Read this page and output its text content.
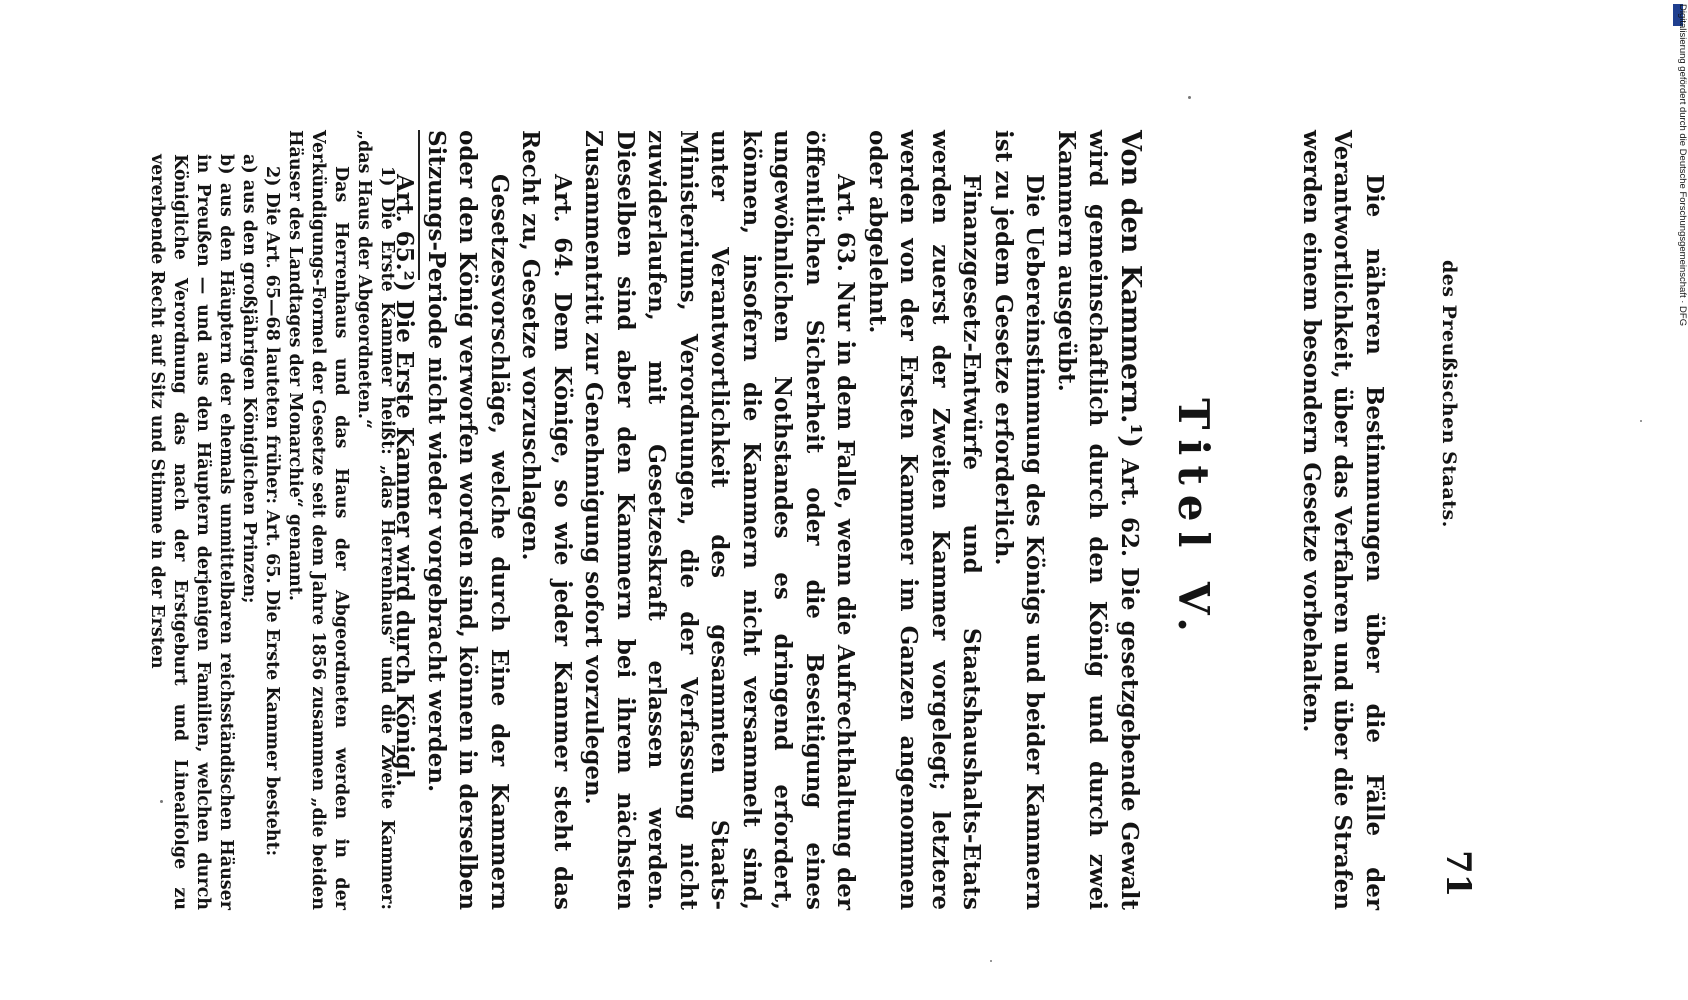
des Preußischen Staats.
71

Die näheren Bestimmungen über die Fälle der Verantwortlichkeit, über das Verfahren und über die Strafen werden einem besondern Gesetze vorbehalten.

Titel V.

Von den Kammern.¹) Art. 62. Die gesetzgebende Gewalt wird gemeinschaftlich durch den König und durch zwei Kammern ausgeübt.

Die Uebereinstimmung des Königs und beider Kammern ist zu jedem Gesetze erforderlich.

Finanzgesetz-Entwürfe und Staatshaushalts-Etats werden zuerst der Zweiten Kammer vorgelegt; letztere werden von der Ersten Kammer im Ganzen angenommen oder abgelehnt.

Art. 63. Nur in dem Falle, wenn die Aufrechthaltung der öffentlichen Sicherheit oder die Beseitigung eines ungewöhnlichen Nothstandes es dringend erfordert, können, insofern die Kammern nicht versammelt sind, unter Verantwortlichkeit des gesammten Staats-Ministeriums, Verordnungen, die der Verfassung nicht zuwiderlaufen, mit Gesetzeskraft erlassen werden. Dieselben sind aber den Kammern bei ihrem nächsten Zusammentritt zur Genehmigung sofort vorzulegen.

Art. 64. Dem Könige, so wie jeder Kammer steht das Recht zu, Gesetze vorzuschlagen.

Gesetzesvorschläge, welche durch Eine der Kammern oder den König verworfen worden sind, können in derselben Sitzungs-Periode nicht wieder vorgebracht werden.

Art. 65.²) Die Erste Kammer wird durch Königl.

1) Die Erste Kammer heißt: „das Herrenhaus“ und die Zweite Kammer: „das Haus der Abgeordneten.“

Das Herrenhaus und das Haus der Abgeordneten werden in der Verkündigungs-Formel der Gesetze seit dem Jahre 1856 zusammen „die beiden Häuser des Landtages der Monarchie“ genannt.

2) Die Art. 65—68 lauteten früher: Art. 65. Die Erste Kammer besteht:

a) aus den großjährigen Königlichen Prinzen;

b) aus den Häuptern der ehemals unmittelbaren reichsständischen Häuser in Preußen — und aus den Häuptern derjenigen Familien, welchen durch Königliche Verordnung das nach der Erstgeburt und Linealfolge zu vererbende Recht auf Sitz und Stimme in der Ersten	Digitalisierung gefördert durch die Deutsche Forschungsgemeinschaft · DFG
